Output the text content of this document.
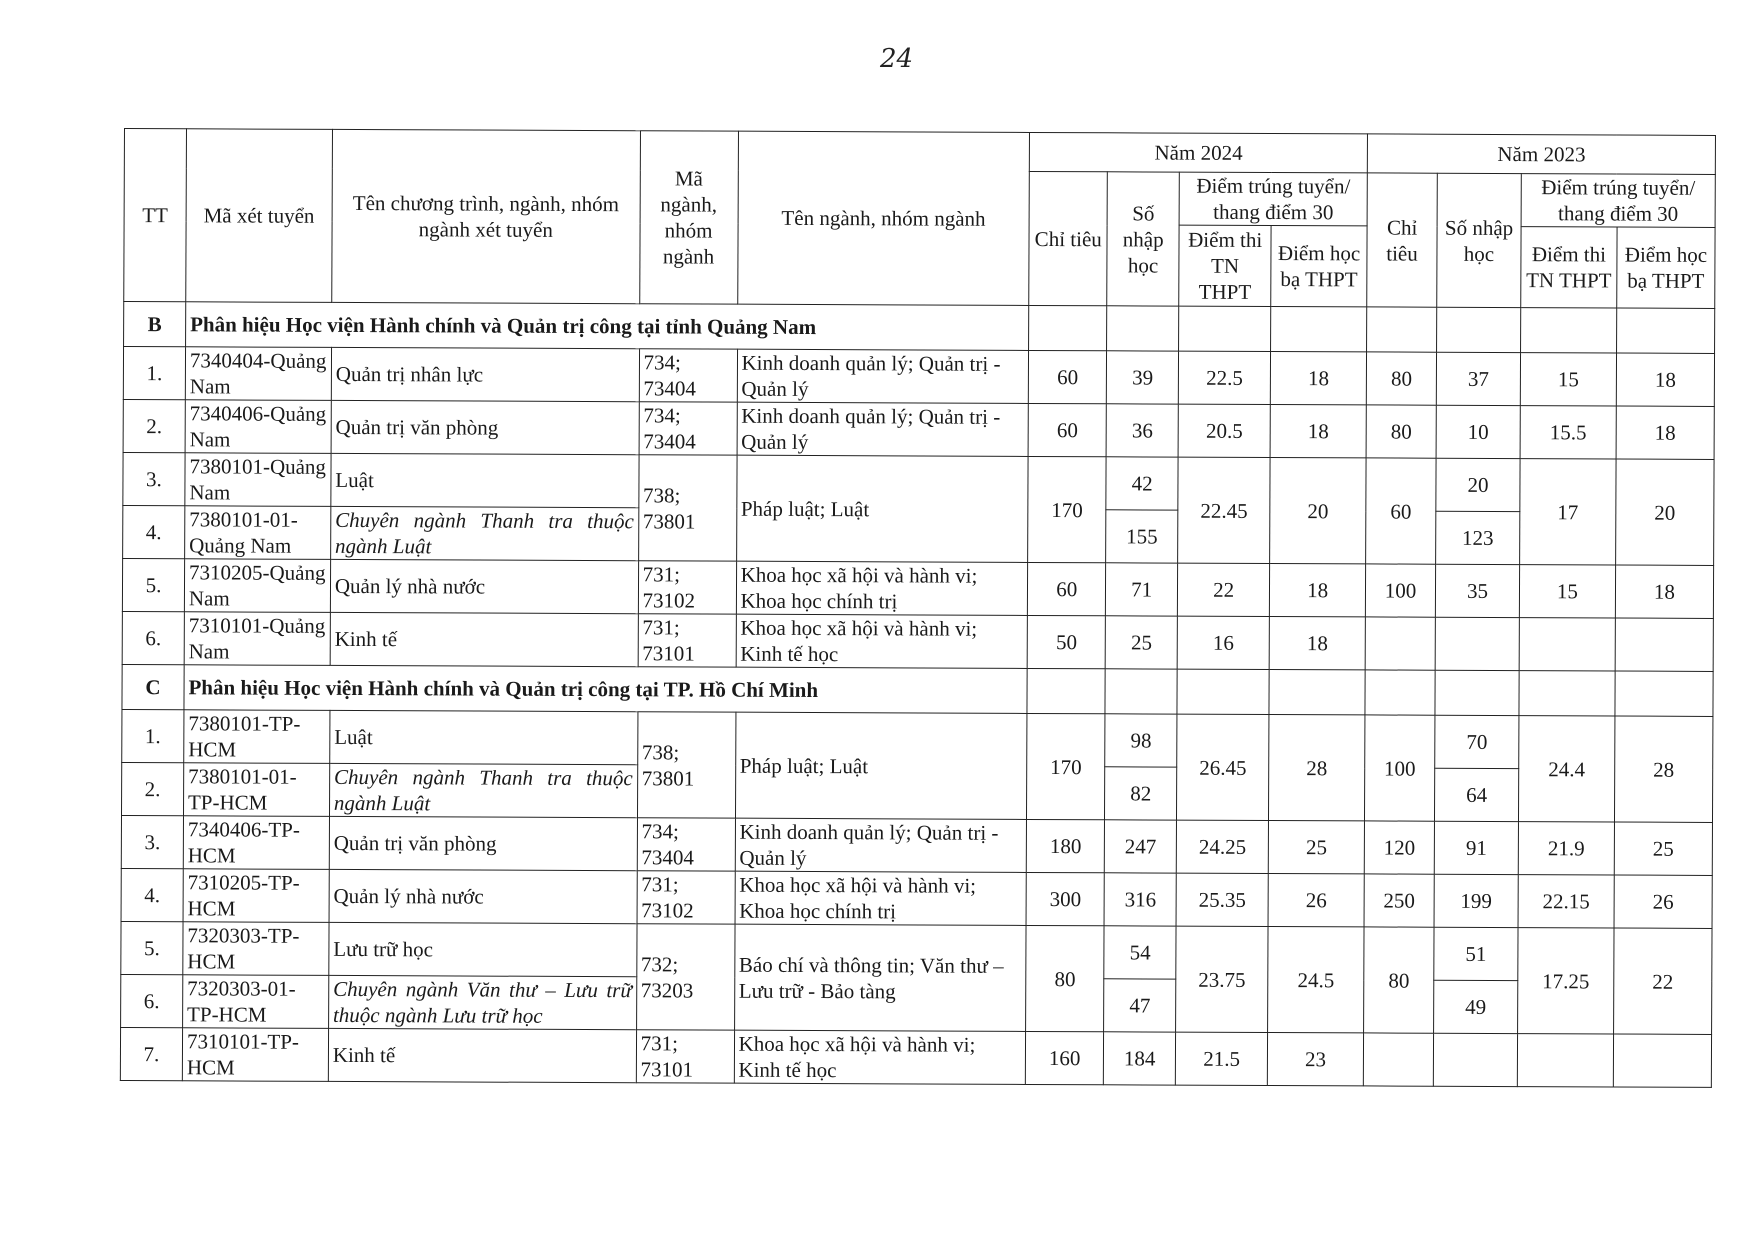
24
TT	Mã xét tuyển	Tên chương trình, ngành, nhóm ngành xét tuyển	Mã ngành, nhóm ngành	Tên ngành, nhóm ngành	Năm 2024				Năm 2023			
					Chỉ tiêu	Số nhập học	Điểm trúng tuyển/ thang điểm 30		Chỉ tiêu	Số nhập học	Điểm trúng tuyển/ thang điểm 30	
							Điểm thi TN THPT	Điểm học bạ THPT			Điểm thi TN THPT	Điểm học bạ THPT
B	Phân hiệu Học viện Hành chính và Quản trị công tại tỉnh Quảng Nam											
1.	7340404-Quảng Nam	Quản trị nhân lực	734; 73404	Kinh doanh quản lý; Quản trị - Quản lý	60	39	22.5	18	80	37	15	18
2.	7340406-Quảng Nam	Quản trị văn phòng	734; 73404	Kinh doanh quản lý; Quản trị - Quản lý	60	36	20.5	18	80	10	15.5	18
3.	7380101-Quảng Nam	Luật	738; 73801	Pháp luật; Luật	170	42	22.45	20	60	20	17	20
4.	7380101-01-Quảng Nam	Chuyên ngành Thanh tra thuộc ngành Luật				155				123		
5.	7310205-Quảng Nam	Quản lý nhà nước	731; 73102	Khoa học xã hội và hành vi; Khoa học chính trị	60	71	22	18	100	35	15	18
6.	7310101-Quảng Nam	Kinh tế	731; 73101	Khoa học xã hội và hành vi; Kinh tế học	50	25	16	18				
C	Phân hiệu Học viện Hành chính và Quản trị công tại TP. Hồ Chí Minh											
1.	7380101-TP-HCM	Luật	738; 73801	Pháp luật; Luật	170	98	26.45	28	100	70	24.4	28
2.	7380101-01-TP-HCM	Chuyên ngành Thanh tra thuộc ngành Luật				82				64		
3.	7340406-TP-HCM	Quản trị văn phòng	734; 73404	Kinh doanh quản lý; Quản trị - Quản lý	180	247	24.25	25	120	91	21.9	25
4.	7310205-TP-HCM	Quản lý nhà nước	731; 73102	Khoa học xã hội và hành vi; Khoa học chính trị	300	316	25.35	26	250	199	22.15	26
5.	7320303-TP-HCM	Lưu trữ học	732; 73203	Báo chí và thông tin; Văn thư – Lưu trữ - Bảo tàng	80	54	23.75	24.5	80	51	17.25	22
6.	7320303-01-TP-HCM	Chuyên ngành Văn thư – Lưu trữ thuộc ngành Lưu trữ học				47				49		
7.	7310101-TP-HCM	Kinh tế	731; 73101	Khoa học xã hội và hành vi; Kinh tế học	160	184	21.5	23				
